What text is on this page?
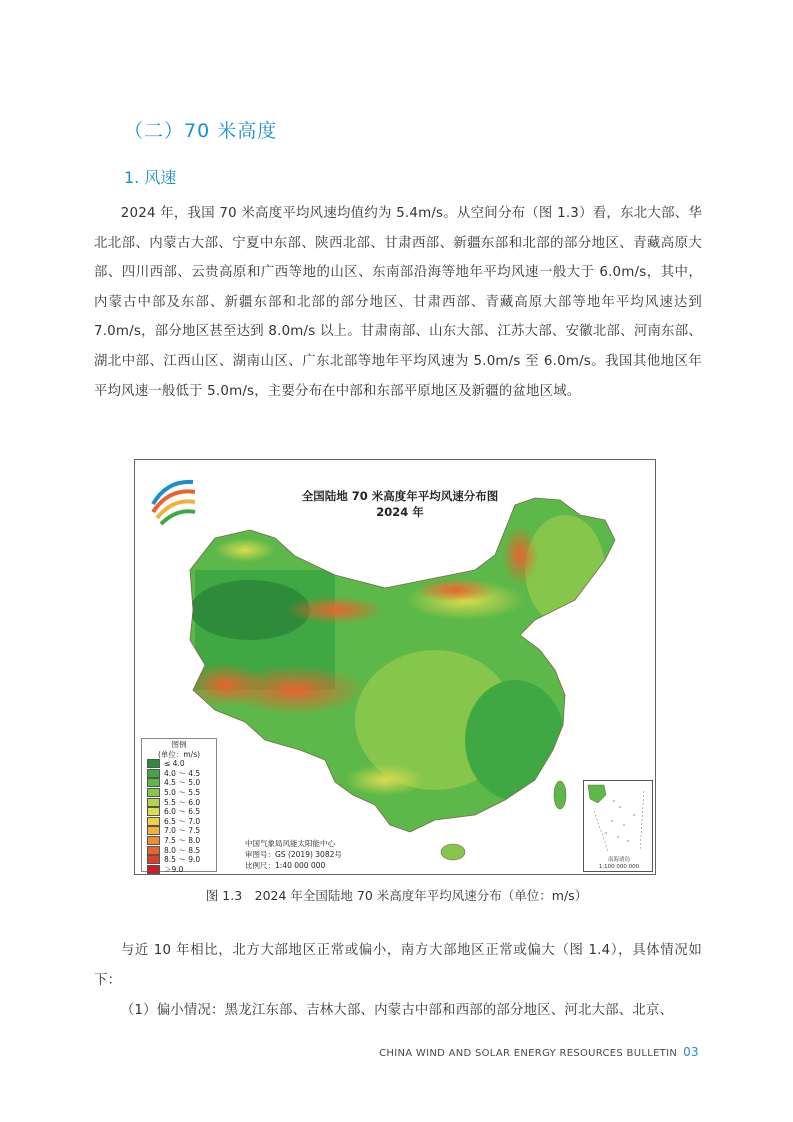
（二）70 米高度
1. 风速
2024 年，我国 70 米高度平均风速均值约为 5.4m/s。从空间分布（图 1.3）看，东北大部、华北北部、内蒙古大部、宁夏中东部、陕西北部、甘肃西部、新疆东部和北部的部分地区、青藏高原大部、四川西部、云贵高原和广西等地的山区、东南部沿海等地年平均风速一般大于 6.0m/s，其中，内蒙古中部及东部、新疆东部和北部的部分地区、甘肃西部、青藏高原大部等地年平均风速达到 7.0m/s，部分地区甚至达到 8.0m/s 以上。甘肃南部、山东大部、江苏大部、安徽北部、河南东部、湖北中部、江西山区、湖南山区、广东北部等地年平均风速为 5.0m/s 至 6.0m/s。我国其他地区年平均风速一般低于 5.0m/s，主要分布在中部和东部平原地区及新疆的盆地区域。
全国陆地 70 米高度年平均风速分布图
2024 年
图例
(单位：m/s)
≤ 4.0
4.0 ～ 4.5
4.5 ～ 5.0
5.0 ～ 5.5
5.5 ～ 6.0
6.0 ～ 6.5
6.5 ～ 7.0
7.0 ～ 7.5
7.5 ～ 8.0
8.0 ～ 8.5
8.5 ～ 9.0
＞9.0
中国气象局风能太阳能中心
审图号：GS (2019) 3082号
比例尺：1:40 000 000
南海诸岛
1:100 000 000
图 1.3　2024 年全国陆地 70 米高度年平均风速分布（单位：m/s）
与近 10 年相比，北方大部地区正常或偏小，南方大部地区正常或偏大（图 1.4），具体情况如下：
（1）偏小情况：黑龙江东部、吉林大部、内蒙古中部和西部的部分地区、河北大部、北京、
CHINA WIND AND SOLAR ENERGY RESOURCES BULLETIN 03
